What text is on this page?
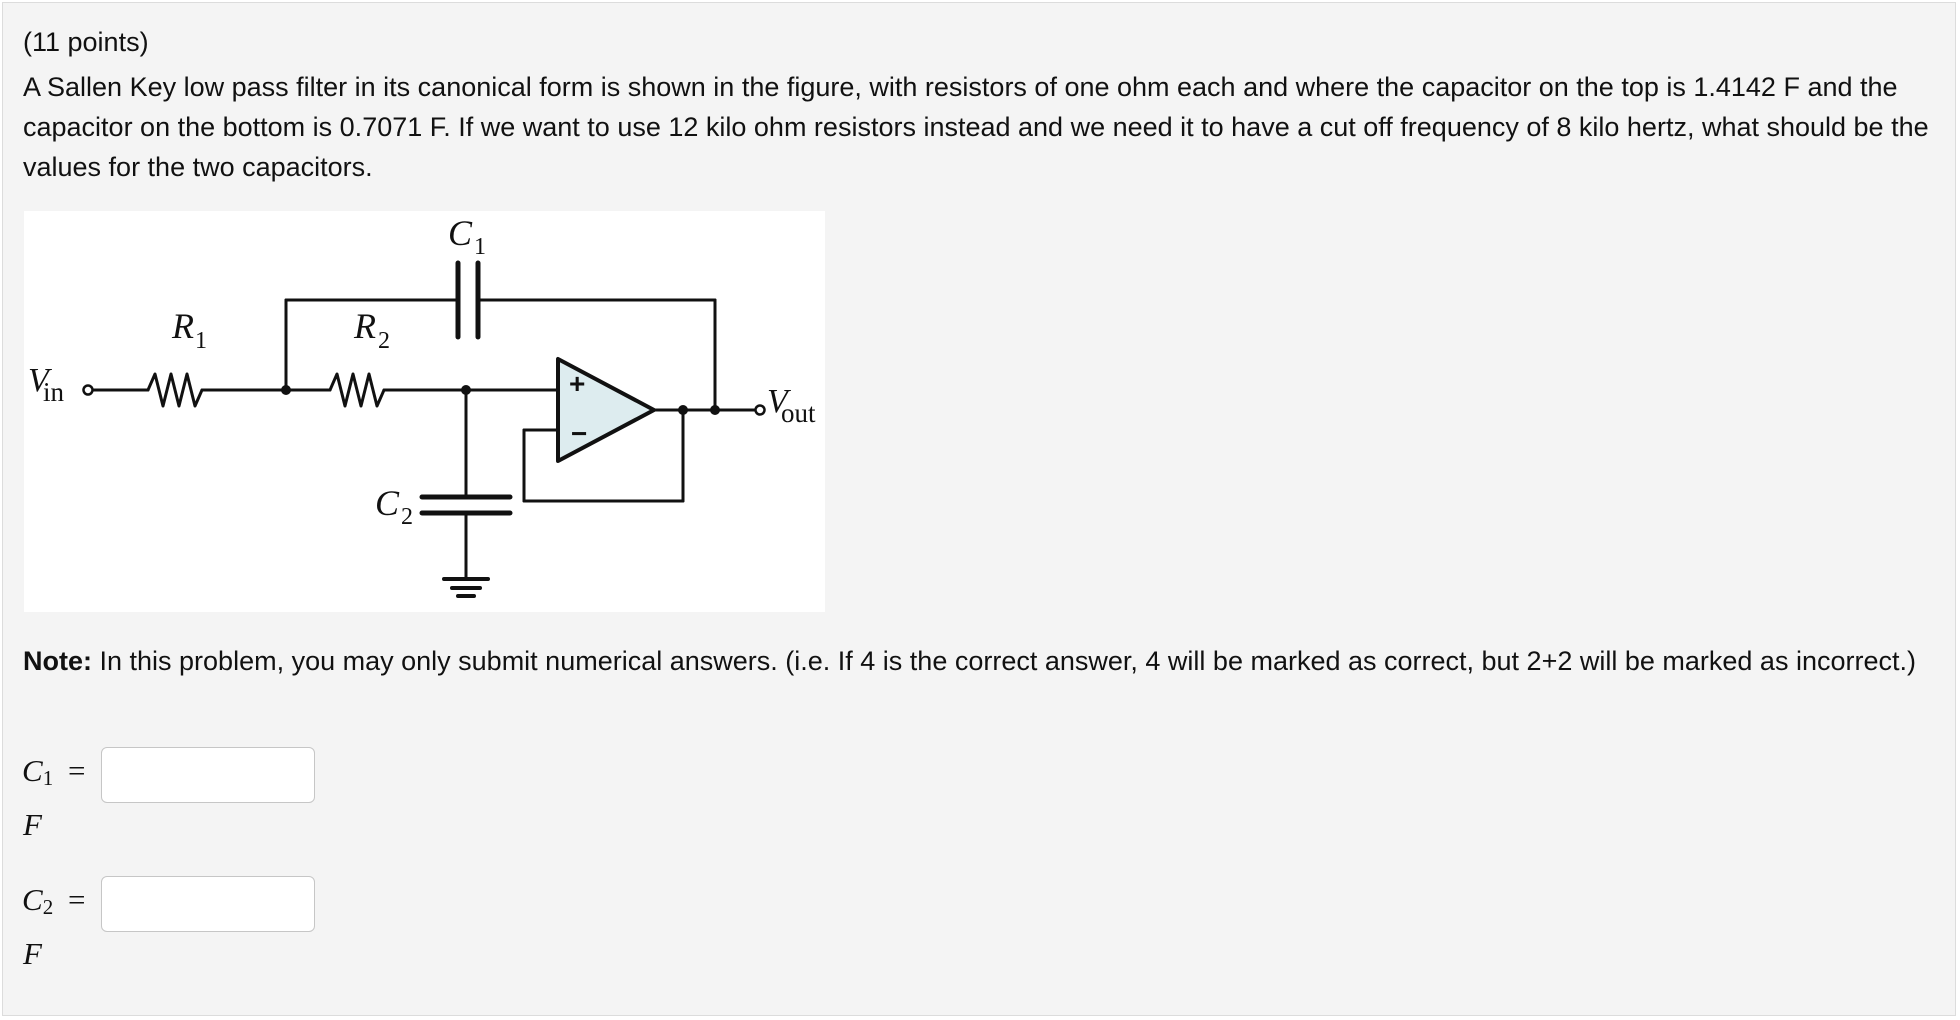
(11 points)
A Sallen Key low pass filter in its canonical form is shown in the figure, with resistors of one ohm each and where the capacitor on the top is 1.4142 F and the capacitor on the bottom is 0.7071 F. If we want to use 12 kilo ohm resistors instead and we need it to have a cut off frequency of 8 kilo hertz, what should be the values for the two capacitors.
+
−
C 1
R 1	R 2
C 2
V
in	V
out
Note: In this problem, you may only submit numerical answers. (i.e. If 4 is the correct answer, 4 will be marked as correct, but 2+2 will be marked as incorrect.)
$C_1$ =
F
$C_2$ =
F
